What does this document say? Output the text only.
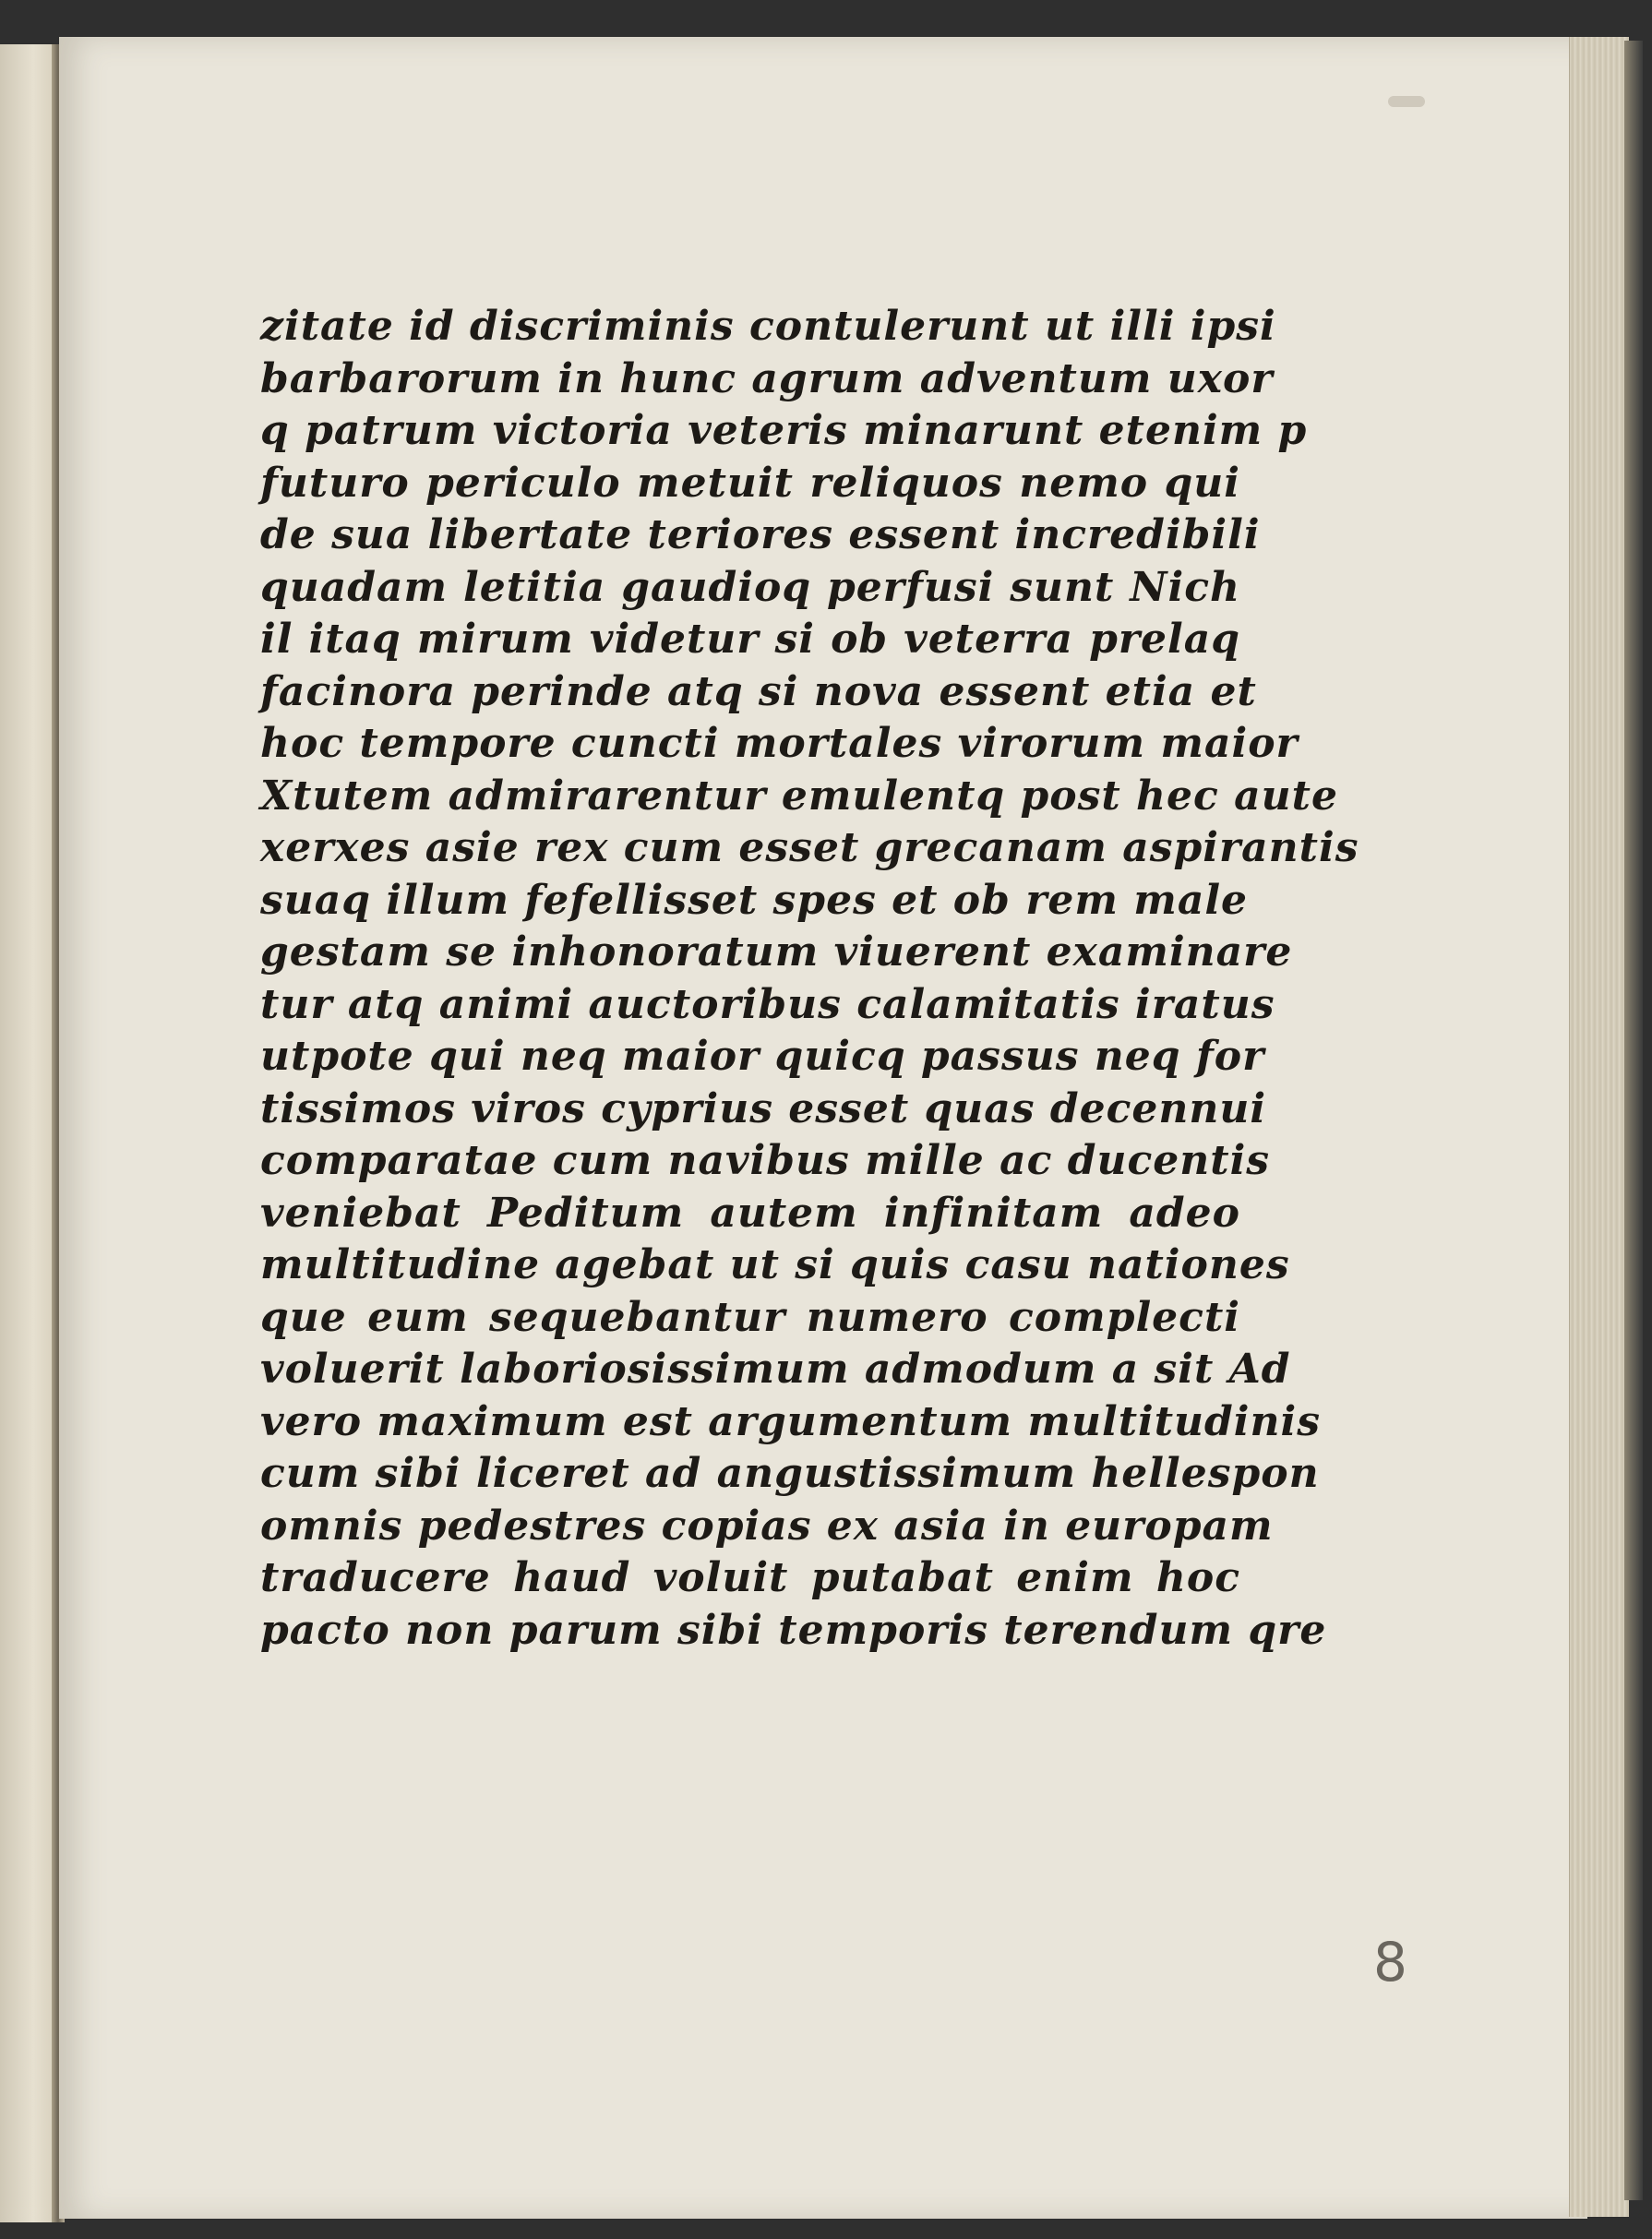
zitate id discriminis contulerunt ut illi ipsi
barbarorum in hunc agrum adventum uxor
q patrum victoria veteris minarunt etenim p
futuro periculo metuit reliquos nemo qui
de sua libertate teriores essent incredibili
quadam letitia gaudioq perfusi sunt Nich
il itaq mirum videtur si ob veterra prelaq
facinora perinde atq si nova essent etia et
hoc tempore cuncti mortales virorum maior
Xtutem admirarentur emulentq post hec aute
xerxes asie rex cum esset grecanam aspirantis
suaq illum fefellisset spes et ob rem male
gestam se inhonoratum viuerent examinare
tur atq animi auctoribus calamitatis iratus
utpote qui neq maior quicq passus neq for
tissimos viros cyprius esset quas decennui
comparatae cum navibus mille ac ducentis
veniebat Peditum autem infinitam adeo
multitudine agebat ut si quis casu nationes
que eum sequebantur numero complecti
voluerit laboriosissimum admodum a sit Ad
vero maximum est argumentum multitudinis
cum sibi liceret ad angustissimum hellespon
omnis pedestres copias ex asia in europam
traducere haud voluit putabat enim hoc
pacto non parum sibi temporis terendum qre
8
